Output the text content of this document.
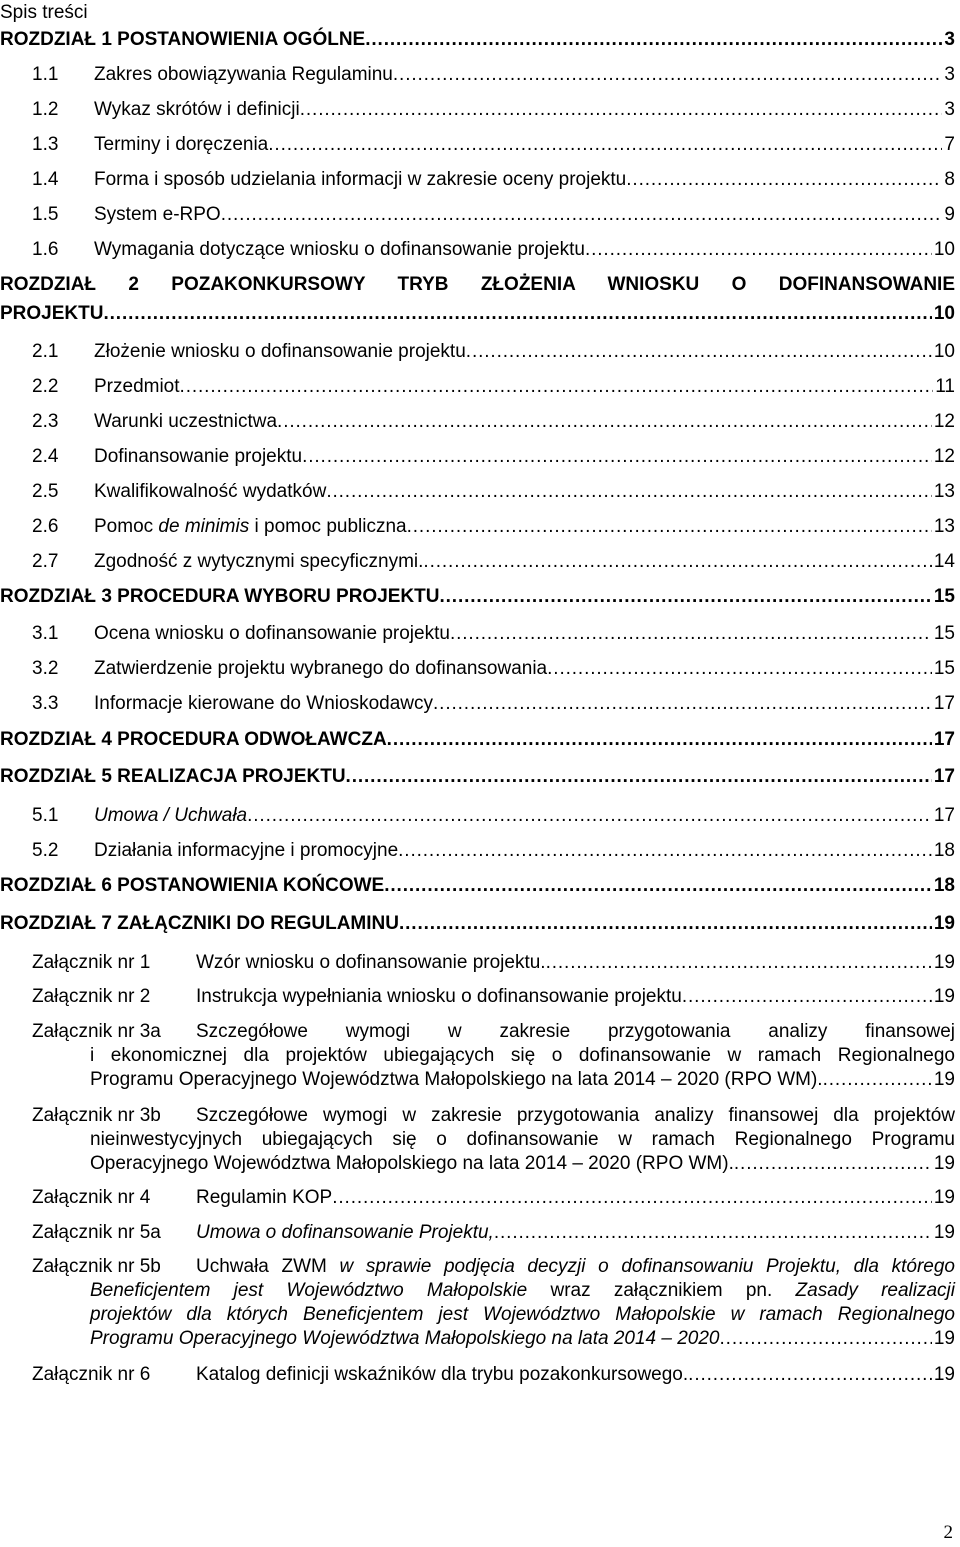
Spis treści
ROZDZIAŁ 1 POSTANOWIENIA OGÓLNE . . .	3
1.1	Zakres obowiązywania Regulaminu . . .	3
1.2	Wykaz skrótów i definicji . . .	3
1.3	Terminy i doręczenia . . .	7
1.4	Forma i sposób udzielania informacji w zakresie oceny projektu . . .	8
1.5	System e-RPO . . .	9
1.6	Wymagania dotyczące wniosku o dofinansowanie projektu . . .	10
ROZDZIAŁ 2 POZAKONKURSOWY TRYB ZŁOŻENIA WNIOSKU O DOFINANSOWANIE
PROJEKTU . . .	10
2.1	Złożenie wniosku o dofinansowanie projektu . . .	10
2.2	Przedmiot . . .	11
2.3	Warunki uczestnictwa . . .	12
2.4	Dofinansowanie projektu . . .	12
2.5	Kwalifikowalność wydatków . . .	13
2.6	Pomoc de minimis i pomoc publiczna . . .	13
2.7	Zgodność z wytycznymi specyficznymi. . . .	14
ROZDZIAŁ 3 PROCEDURA WYBORU PROJEKTU . . .	15
3.1	Ocena wniosku o dofinansowanie projektu . . .	15
3.2	Zatwierdzenie projektu wybranego do dofinansowania . . .	15
3.3	Informacje kierowane do Wnioskodawcy . . .	17
ROZDZIAŁ 4 PROCEDURA ODWOŁAWCZA . . .	17
ROZDZIAŁ 5 REALIZACJA PROJEKTU . . .	17
5.1	Umowa / Uchwała . . .	17
5.2	Działania informacyjne i promocyjne . . .	18
ROZDZIAŁ 6 POSTANOWIENIA KOŃCOWE . . .	18
ROZDZIAŁ 7 ZAŁĄCZNIKI DO REGULAMINU . . .	19
Załącznik nr 1	Wzór wniosku o dofinansowanie projektu. . . .	19
Załącznik nr 2	Instrukcja wypełniania wniosku o dofinansowanie projektu . . .	19
Załącznik nr 3a	Szczegółowe wymogi w zakresie przygotowania analizy finansowej
i ekonomicznej dla projektów ubiegających się o dofinansowanie w ramach Regionalnego
Programu Operacyjnego Województwa Małopolskiego na lata 2014 – 2020 (RPO WM). . . .	19
Załącznik nr 3b	Szczegółowe wymogi w zakresie przygotowania analizy finansowej dla projektów
nieinwestycyjnych ubiegających się o dofinansowanie w ramach Regionalnego Programu
Operacyjnego Województwa Małopolskiego na lata 2014 – 2020 (RPO WM). . . .	19
Załącznik nr 4	Regulamin KOP . . .	19
Załącznik nr 5a	Umowa o dofinansowanie Projektu, . . .	19
Załącznik nr 5b	Uchwała ZWM w sprawie podjęcia decyzji o dofinansowaniu Projektu, dla którego
Beneficjentem jest Województwo Małopolskie wraz załącznikiem pn. Zasady realizacji
projektów dla których Beneficjentem jest Województwo Małopolskie w ramach Regionalnego
Programu Operacyjnego Województwa Małopolskiego na lata 2014 – 2020 . . .	19
Załącznik nr 6	Katalog definicji wskaźników dla trybu pozakonkursowego. . . .	19
2
